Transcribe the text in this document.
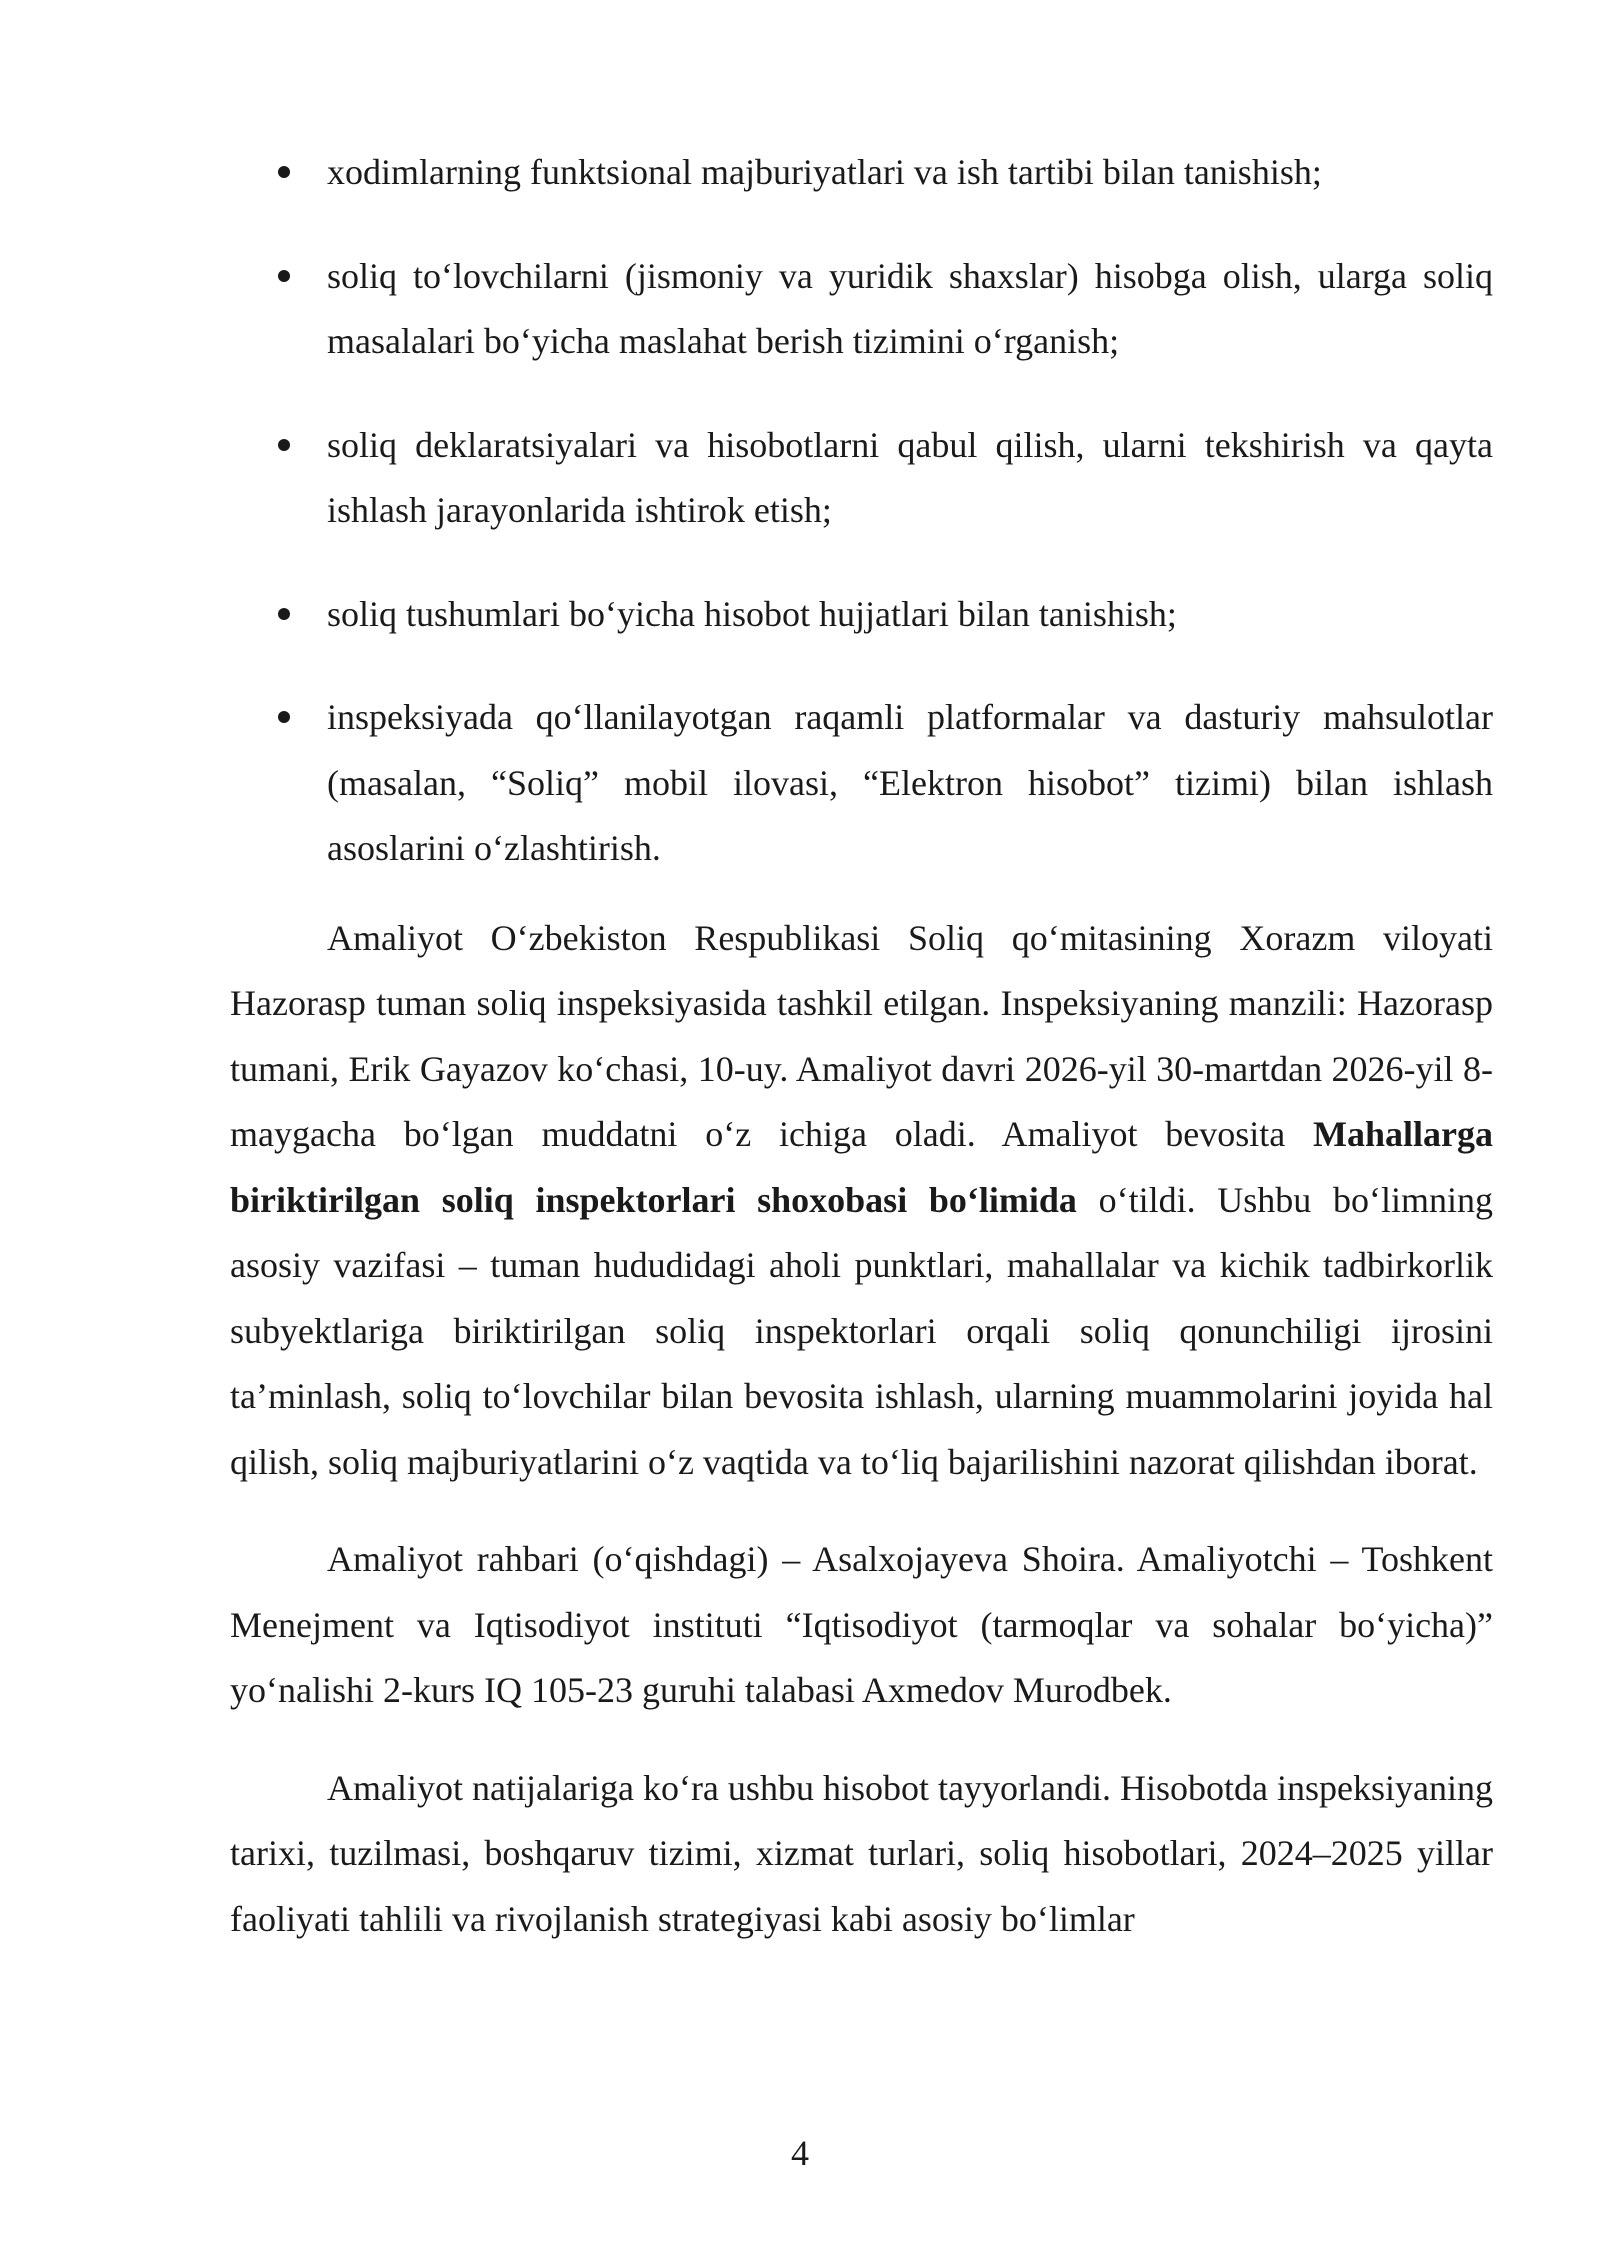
xodimlarning funktsional majburiyatlari va ish tartibi bilan tanishish;
soliq to‘lovchilarni (jismoniy va yuridik shaxslar) hisobga olish, ularga soliq masalalari bo‘yicha maslahat berish tizimini o‘rganish;
soliq deklaratsiyalari va hisobotlarni qabul qilish, ularni tekshirish va qayta ishlash jarayonlarida ishtirok etish;
soliq tushumlari bo‘yicha hisobot hujjatlari bilan tanishish;
inspeksiyada qo‘llanilayotgan raqamli platformalar va dasturiy mahsulotlar (masalan, “Soliq” mobil ilovasi, “Elektron hisobot” tizimi) bilan ishlash asoslarini o‘zlashtirish.

Amaliyot O‘zbekiston Respublikasi Soliq qo‘mitasining Xorazm viloyati Hazorasp tuman soliq inspeksiyasida tashkil etilgan. Inspeksiyaning manzili: Hazorasp tumani, Erik Gayazov ko‘chasi, 10-uy. Amaliyot davri 2026-yil 30-martdan 2026-yil 8-maygacha bo‘lgan muddatni o‘z ichiga oladi. Amaliyot bevosita Mahallarga biriktirilgan soliq inspektorlari shoxobasi bo‘limida o‘tildi. Ushbu bo‘limning asosiy vazifasi – tuman hududidagi aholi punktlari, mahallalar va kichik tadbirkorlik subyektlariga biriktirilgan soliq inspektorlari orqali soliq qonunchiligi ijrosini ta’minlash, soliq to‘lovchilar bilan bevosita ishlash, ularning muammolarini joyida hal qilish, soliq majburiyatlarini o‘z vaqtida va to‘liq bajarilishini nazorat qilishdan iborat.

Amaliyot rahbari (o‘qishdagi) – Asalxojayeva Shoira. Amaliyotchi – Toshkent Menejment va Iqtisodiyot instituti “Iqtisodiyot (tarmoqlar va sohalar bo‘yicha)” yo‘nalishi 2-kurs IQ 105-23 guruhi talabasi Axmedov Murodbek.

Amaliyot natijalariga ko‘ra ushbu hisobot tayyorlandi. Hisobotda inspeksiyaning tarixi, tuzilmasi, boshqaruv tizimi, xizmat turlari, soliq hisobotlari, 2024–2025 yillar faoliyati tahlili va rivojlanish strategiyasi kabi asosiy bo‘limlar

4
